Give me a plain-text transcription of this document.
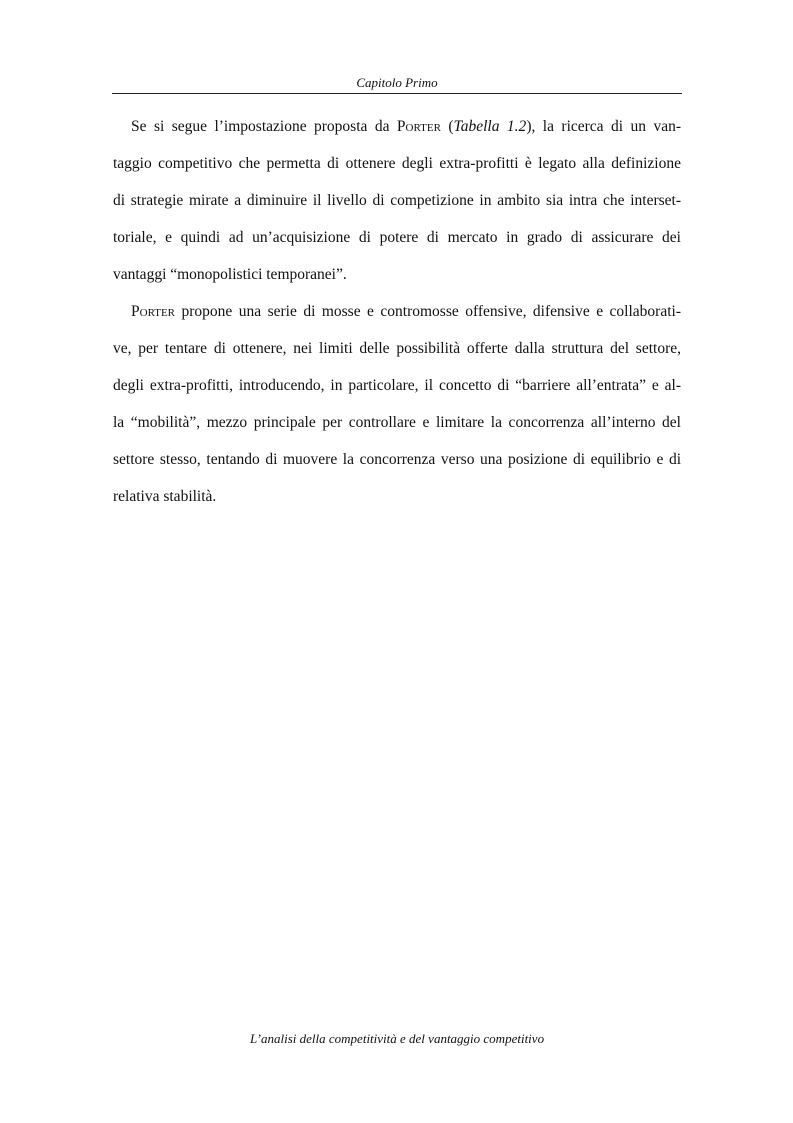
Capitolo Primo

Se si segue l’impostazione proposta da Porter (Tabella 1.2), la ricerca di un van-
taggio competitivo che permetta di ottenere degli extra-profitti è legato alla definizione
di strategie mirate a diminuire il livello di competizione in ambito sia intra che interset-
toriale, e quindi ad un’acquisizione di potere di mercato in grado di assicurare dei
vantaggi “monopolistici temporanei”.

Porter propone una serie di mosse e contromosse offensive, difensive e collaborati-
ve, per tentare di ottenere, nei limiti delle possibilità offerte dalla struttura del settore,
degli extra-profitti, introducendo, in particolare, il concetto di “barriere all’entrata” e al-
la “mobilità”, mezzo principale per controllare e limitare la concorrenza all’interno del
settore stesso, tentando di muovere la concorrenza verso una posizione di equilibrio e di
relativa stabilità.

L’analisi della competitività e del vantaggio competitivo
